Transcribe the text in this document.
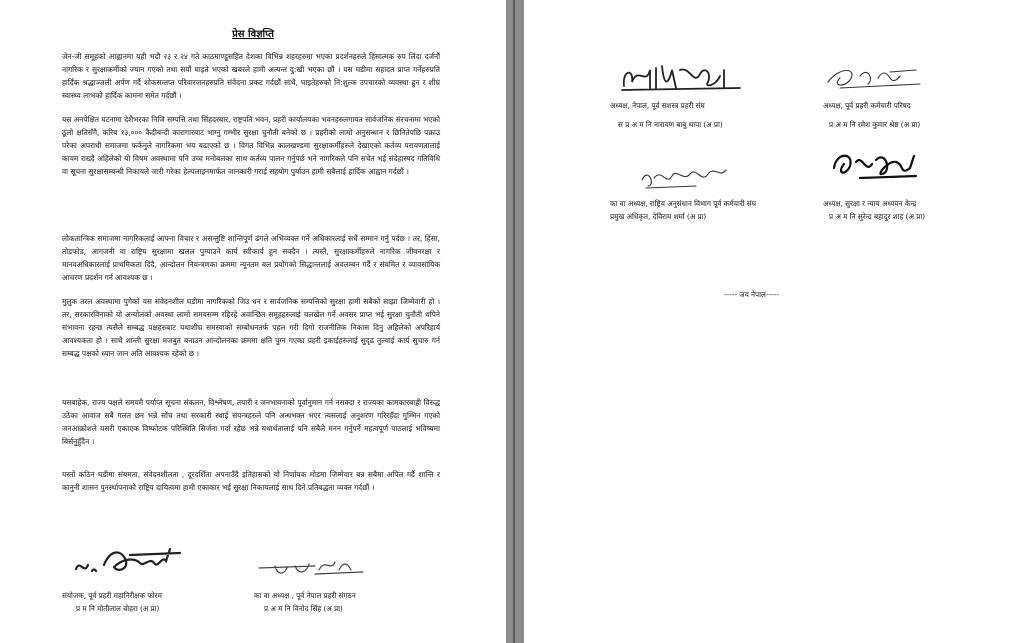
प्रेस विज्ञप्ति

जेन-जी समूहको आह्वानमा यही भदौ २३ र २४ गते काठमाण्डूसहित देशका विभिन्न शहरहरुमा भएका प्रदर्शनहरुले हिंसात्मक रुप लिंदा दर्जनौं नागरिक र सुरक्षाकर्मीको ज्यान गएको तथा सयौं घाइते भएको खबरले हामी अत्यन्त दु:खी भएका छौं । यस घडीमा सहादत प्राप्त गर्नेहरुप्रति हार्दिक श्रद्धाञ्जली अर्पण गर्दै शोकसन्तप्त परिवारजनहरुप्रति संवेदना प्रकट गर्दछौं साथै, घाइतेहरुको नि:शुल्क उपचारको व्यवस्था हुन र शीघ्र स्वास्थ्य लाभको हार्दिक कामना समेत गर्दछौं ।

यस अनपेक्षित घटनामा देशैभरका निजि सम्पत्ति तथा सिंहदरबार, राष्ट्रपति भवन, प्रहरी कार्यालयका भवनहरुलगायत सार्वजनिक संरचनामा भएको ठूलो क्षतिसँगै, करिब १३,००० कैदीबन्दी कारागारबाट भाग्नु गम्भीर सुरक्षा चुनौती बनेको छ । प्रहरीको लामो अनुसन्धान र छिनितेपछि पक्राउ परेका अपराधी समाजमा फर्कनुले नागरिकमा भय बढाएको छ । विगत विभिन्न कालखण्डमा सुरक्षाकर्मीहरुले देखाएको कर्तव्य परायणतालाई कायम राख्दै अहिलेको यो विषम अवस्थामा पनि उच्च मनोबलका साथ कर्तव्य पालन गर्नुपर्छ भने नागरिकले पनि सचेत भई संदेहास्पद गतिविधि वा सूचना सुरक्षासम्बन्धी निकायले जारी गरेका हेल्पलाइनमार्फत जानकारी गराई सहयोग पुर्याउन हामी सबैलाई हार्दिक आह्वान गर्दछौं ।

लोकतान्त्रिक समाजमा नागरिकलाई आफ्ना विचार र असन्तुष्टि शान्तिपूर्ण ढंगले अभिव्यक्त गर्ने अधिकारलाई सधैं सम्मान गर्नु पर्दछ । तर, हिंसा, तोडफोड, आगजनी वा राष्ट्रिय सुरक्षामा खलल पुग्याउने कार्य स्वीकार्य हुन सक्दैन । त्यस्तै, सुरक्षाकर्मीहरुले नागरिक जीवनरक्षा र मानवअधिकारलाई प्राथमिकता दिंदै, आन्दोलन नियन्त्रणका क्रममा न्यूनतम बल प्रयोगको सिद्धान्तलाई अवलम्बन गर्दै र संयमित र व्यावसायिक आचरण प्रदर्शन गर्न आवश्यक छ ।

मुलुक तरल अवस्थामा पुगेको यस संवेदनशील घडीमा नागरिकको जिउ धन र सार्वजनिक सम्पत्तिको सुरक्षा हामी सबैको साझा जिम्मेवारी हो । तर, सरकारविनाको यो अन्योलको अवस्था लामो समयसम्म रहिरहे अवान्छित समूहहरुलाई चलखेल गर्ने अवसर प्राप्त भई सुरक्षा चुनौती थपिने संभावना रहन्छ त्यसैले सम्बद्ध पक्षहरुबाट यथाशीघ्र समस्याको सम्बोधनतर्फ पहल गरी दिगो राजनीतिक निकास दिनु अहिलेको अपरिहार्य आवश्यकता हो । साथै शान्ती सुरक्षा मजबुत बनाउन आन्दोलनका क्रममा क्षति पुग्न गएका प्रहरी इकाईहरुलाई सुदृढ तुल्याई कार्य सुचारु गर्न सम्बद्ध पक्षको ध्यान जान अति आवश्यक रहेको छ ।

यसबाहेक, राज्य पक्षले समयमै पर्याप्त सूचना संकलन, विश्लेषण, तयारी र जनभावनाको पूर्वानुमान गर्न नसक्दा र राज्यका कामकारबाही विरुद्ध उठेका आवाज सबै गलत छन भन्ने सोंच तथा सरकारी स्थाई संयन्त्रहरुले पनि अन्धभक्त भएर त्यसलाई अनुशरण गरिरहँदा गुम्भिन गएको जनआक्रोशले यसरी एकाएक विष्फोटक परिस्थिति सिर्जना गर्दा रहेछ भन्ने यथार्थतालाई पनि सबैले मनन गर्नुपर्ने महत्वपूर्ण पाठलाई भविष्यमा बिर्सनुहुँदैन ।

यस्तो कठिन घडीमा संयमता, संवेदनशीलता , दूरदर्शिता अपनाउँदै इतिहासको यो निर्णायक मोडमा जिम्मेवार बन्न सबैमा अपिल गर्दै शान्ति र कानुनी शासन पुनर्स्थापनाको राष्ट्रिय दायित्वमा हामी एकाकार भई सुरक्षा निकायलाई साथ दिने प्रतिबद्धता व्यक्त गर्दछौं ।

संयोजक, पूर्व प्रहरी महानिरीक्षक फोरम
प्र म नि मोतीलाल बोहरा (अ प्रा)
का वा अध्यक्ष , पूर्व नेपाल प्रहरी संगठन
प्र अ म नि विनोद सिंह (अ प्रा)
अध्यक्ष, नेपाल, पूर्व सशस्त्र प्रहरी संघ
स प्र अ म नि नारायण बाबु थापा (अ प्रा)
अध्यक्ष, पूर्व प्रहरी कर्मचारी परिषद
प्र अ म नि रमेश कुमार श्रेष्ठ (अ प्रा)
का वा अध्यक्ष, राष्ट्रिय अनुसंधान विभाग पूर्व कर्मचारी संघ
प्रमुख अधिकृत, देविराम शर्मा (अ प्रा)
अध्यक्ष, सुरक्षा र न्याय अध्ययन केन्द्र
प्र अ म नि सुरेन्द्र बहादुर शाह (अ प्रा)
----- जय नेपाल-----
